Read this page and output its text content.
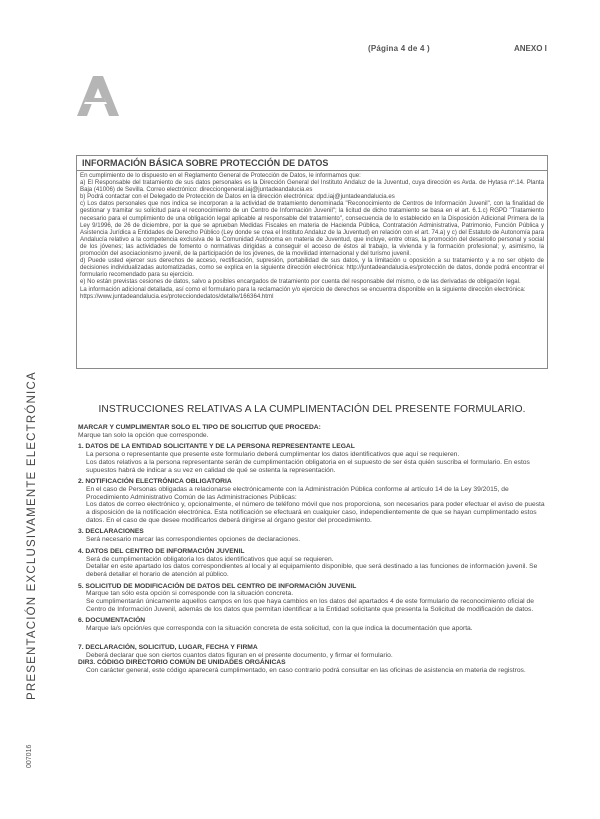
(Página 4 de 4 )	ANEXO I
INFORMACIÓN BÁSICA SOBRE PROTECCIÓN DE DATOS

En cumplimiento de lo dispuesto en el Reglamento General de Protección de Datos, le informamos que:

a) El Responsable del tratamiento de sus datos personales es la Dirección General del Instituto Andaluz de la Juventud, cuya dirección es Avda. de Hytasa nº.14. Planta Baja (41006) de Sevilla. Correo electrónico: direcciongeneral.iaj@juntadeandalucia.es

b) Podrá contactar con el Delegado de Protección de Datos en la dirección electrónica: dpd.iaj@juntadeandalucia.es

c) Los datos personales que nos indica se incorporan a la actividad de tratamiento denominada "Reconocimiento de Centros de Información Juvenil", con la finalidad de gestionar y tramitar su solicitud para el reconocimiento de un Centro de Información Juvenil"; la licitud de dicho tratamiento se basa en el art. 6.1.c) RGPD "Tratamiento necesario para el cumplimiento de una obligación legal aplicable al responsable del tratamiento", consecuencia de lo establecido en la Disposición Adicional Primera de la Ley 9/1996, de 26 de diciembre, por la que se aprueban Medidas Fiscales en materia de Hacienda Pública, Contratación Administrativa, Patrimonio, Función Pública y Asistencia Jurídica a Entidades de Derecho Público (Ley donde se crea el Instituto Andaluz de la Juventud) en relación con el art. 74.a) y c) del Estatuto de Autonomía para Andalucía relativo a la competencia exclusiva de la Comunidad Autónoma en materia de Juventud, que incluye, entre otras, la promoción del desarrollo personal y social de los jóvenes; las actividades de fomento o normativas dirigidas a conseguir el acceso de éstos al trabajo, la vivienda y la formación profesional; y, asimismo, la promoción del asociacionismo juvenil, de la participación de los jóvenes, de la movilidad internacional y del turismo juvenil.

d) Puede usted ejercer sus derechos de acceso, rectificación, supresión, portabilidad de sus datos, y la limitación u oposición a su tratamiento y a no ser objeto de decisiones individualizadas automatizadas, como se explica en la siguiente dirección electrónica: http://juntadeandalucia.es/protección de datos, donde podrá encontrar el formulario recomendado para su ejercicio.

e) No están previstas cesiones de datos, salvo a posibles encargados de tratamiento por cuenta del responsable del mismo, o de las derivadas de obligación legal.

La información adicional detallada, así como el formulario para la reclamación y/o ejercicio de derechos se encuentra disponible en la siguiente dirección electrónica:

https://www.juntadeandalucia.es/protecciondedatos/detalle/166364.html

PRESENTACIÓN EXCLUSIVAMENTE ELECTRÓNICA
007016
INSTRUCCIONES RELATIVAS A LA CUMPLIMENTACIÓN DEL PRESENTE FORMULARIO.
MARCAR Y CUMPLIMENTAR SOLO EL TIPO DE SOLICITUD QUE PROCEDA:

Marque tan solo la opción que corresponde.

1. DATOS DE LA ENTIDAD SOLICITANTE Y DE LA PERSONA REPRESENTANTE LEGAL

La persona o representante que presente este formulario deberá cumplimentar los datos identificativos que aquí se requieren.

Los datos relativos a la persona representante serán de cumplimentación obligatoria en el supuesto de ser ésta quién suscriba el formulario. En estos supuestos habrá de indicar a su vez en calidad de qué se ostenta la representación.

2. NOTIFICACIÓN ELECTRÓNICA OBLIGATORIA

En el caso de Personas obligadas a relacionarse electrónicamente con la Administración Pública conforme al artículo 14 de la Ley 39/2015, de Procedimiento Administrativo Común de las Administraciones Públicas:

Los datos de correo electrónico y, opcionalmente, el número de teléfono móvil que nos proporciona, son necesarios para poder efectuar el aviso de puesta a disposición de la notificación electrónica. Esta notificación se efectuará en cualquier caso, independientemente de que se hayan cumplimentado estos datos. En el caso de que desee modificarlos deberá dirigirse al órgano gestor del procedimiento.

3. DECLARACIONES

Será necesario marcar las correspondientes opciones de declaraciones.

4. DATOS DEL CENTRO DE INFORMACIÓN JUVENIL

Será de cumplimentación obligatoria los datos identificativos que aquí se requieren.

Detallar en este apartado los datos correspondientes al local y al equipamiento disponible, que será destinado a las funciones de información juvenil. Se deberá detallar el horario de atención al público.

5. SOLICITUD DE MODIFICACIÓN DE DATOS DEL CENTRO DE INFORMACIÓN JUVENIL

Marque tan sólo esta opción si corresponde con la situación concreta.

Se cumplimentarán únicamente aquellos campos en los que haya cambios en los datos del apartados 4 de este formulario de reconocimiento oficial de Centro de Información Juvenil, además de los datos que permitan identificar a la Entidad solicitante que presenta la Solicitud de modificación de datos.

6. DOCUMENTACIÓN

Marque la/s opción/es que corresponda con la situación concreta de esta solicitud, con la que indica la documentación que aporta.

7. DECLARACIÓN, SOLICITUD, LUGAR, FECHA Y FIRMA

Deberá declarar que son ciertos cuantos datos figuran en el presente documento, y firmar el formulario.

DIR3. CÓDIGO DIRECTORIO COMÚN DE UNIDADES ORGÁNICAS

Con carácter general, este código aparecerá cumplimentado, en caso contrario podrá consultar en las oficinas de asistencia en materia de registros.
